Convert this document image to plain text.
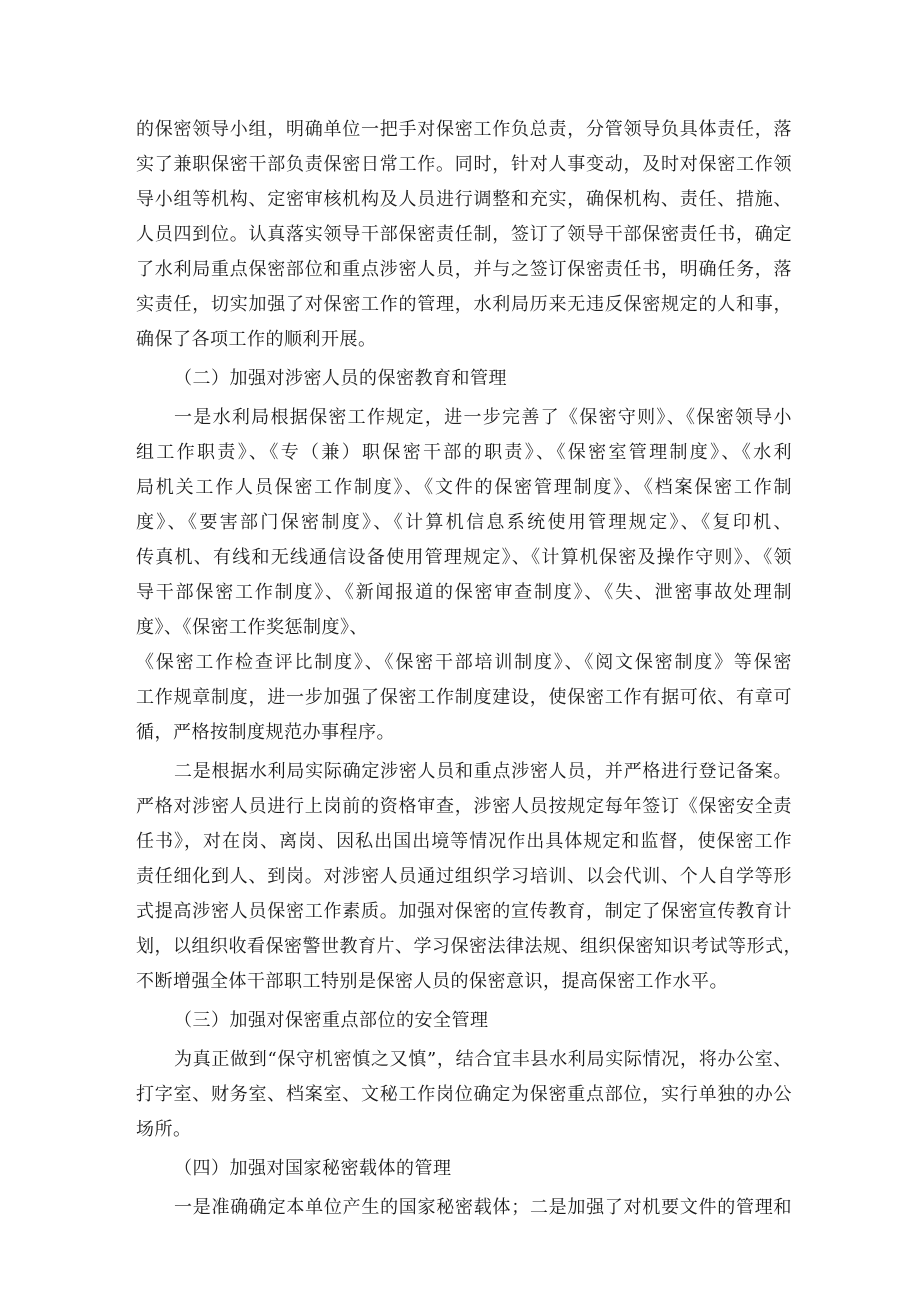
的保密领导小组，明确单位一把手对保密工作负总责，分管领导负具体责任，落
实了兼职保密干部负责保密日常工作。同时，针对人事变动，及时对保密工作领
导小组等机构、定密审核机构及人员进行调整和充实，确保机构、责任、措施、
人员四到位。认真落实领导干部保密责任制，签订了领导干部保密责任书，确定
了水利局重点保密部位和重点涉密人员，并与之签订保密责任书，明确任务，落
实责任，切实加强了对保密工作的管理，水利局历来无违反保密规定的人和事，
确保了各项工作的顺利开展。
（二）加强对涉密人员的保密教育和管理
一是水利局根据保密工作规定，进一步完善了《保密守则》、《保密领导小
组工作职责》、《专（兼）职保密干部的职责》、《保密室管理制度》、《水利
局机关工作人员保密工作制度》、《文件的保密管理制度》、《档案保密工作制
度》、《要害部门保密制度》、《计算机信息系统使用管理规定》、《复印机、
传真机、有线和无线通信设备使用管理规定》、《计算机保密及操作守则》、《领
导干部保密工作制度》、《新闻报道的保密审查制度》、《失、泄密事故处理制
度》、《保密工作奖惩制度》、
《保密工作检查评比制度》、《保密干部培训制度》、《阅文保密制度》等保密
工作规章制度，进一步加强了保密工作制度建设，使保密工作有据可依、有章可
循，严格按制度规范办事程序。
二是根据水利局实际确定涉密人员和重点涉密人员，并严格进行登记备案。
严格对涉密人员进行上岗前的资格审查，涉密人员按规定每年签订《保密安全责
任书》，对在岗、离岗、因私出国出境等情况作出具体规定和监督，使保密工作
责任细化到人、到岗。对涉密人员通过组织学习培训、以会代训、个人自学等形
式提高涉密人员保密工作素质。加强对保密的宣传教育，制定了保密宣传教育计
划，以组织收看保密警世教育片、学习保密法律法规、组织保密知识考试等形式，
不断增强全体干部职工特别是保密人员的保密意识，提高保密工作水平。
（三）加强对保密重点部位的安全管理
为真正做到“保守机密慎之又慎”，结合宜丰县水利局实际情况，将办公室、
打字室、财务室、档案室、文秘工作岗位确定为保密重点部位，实行单独的办公
场所。
（四）加强对国家秘密载体的管理
一是准确确定本单位产生的国家秘密载体；二是加强了对机要文件的管理和
